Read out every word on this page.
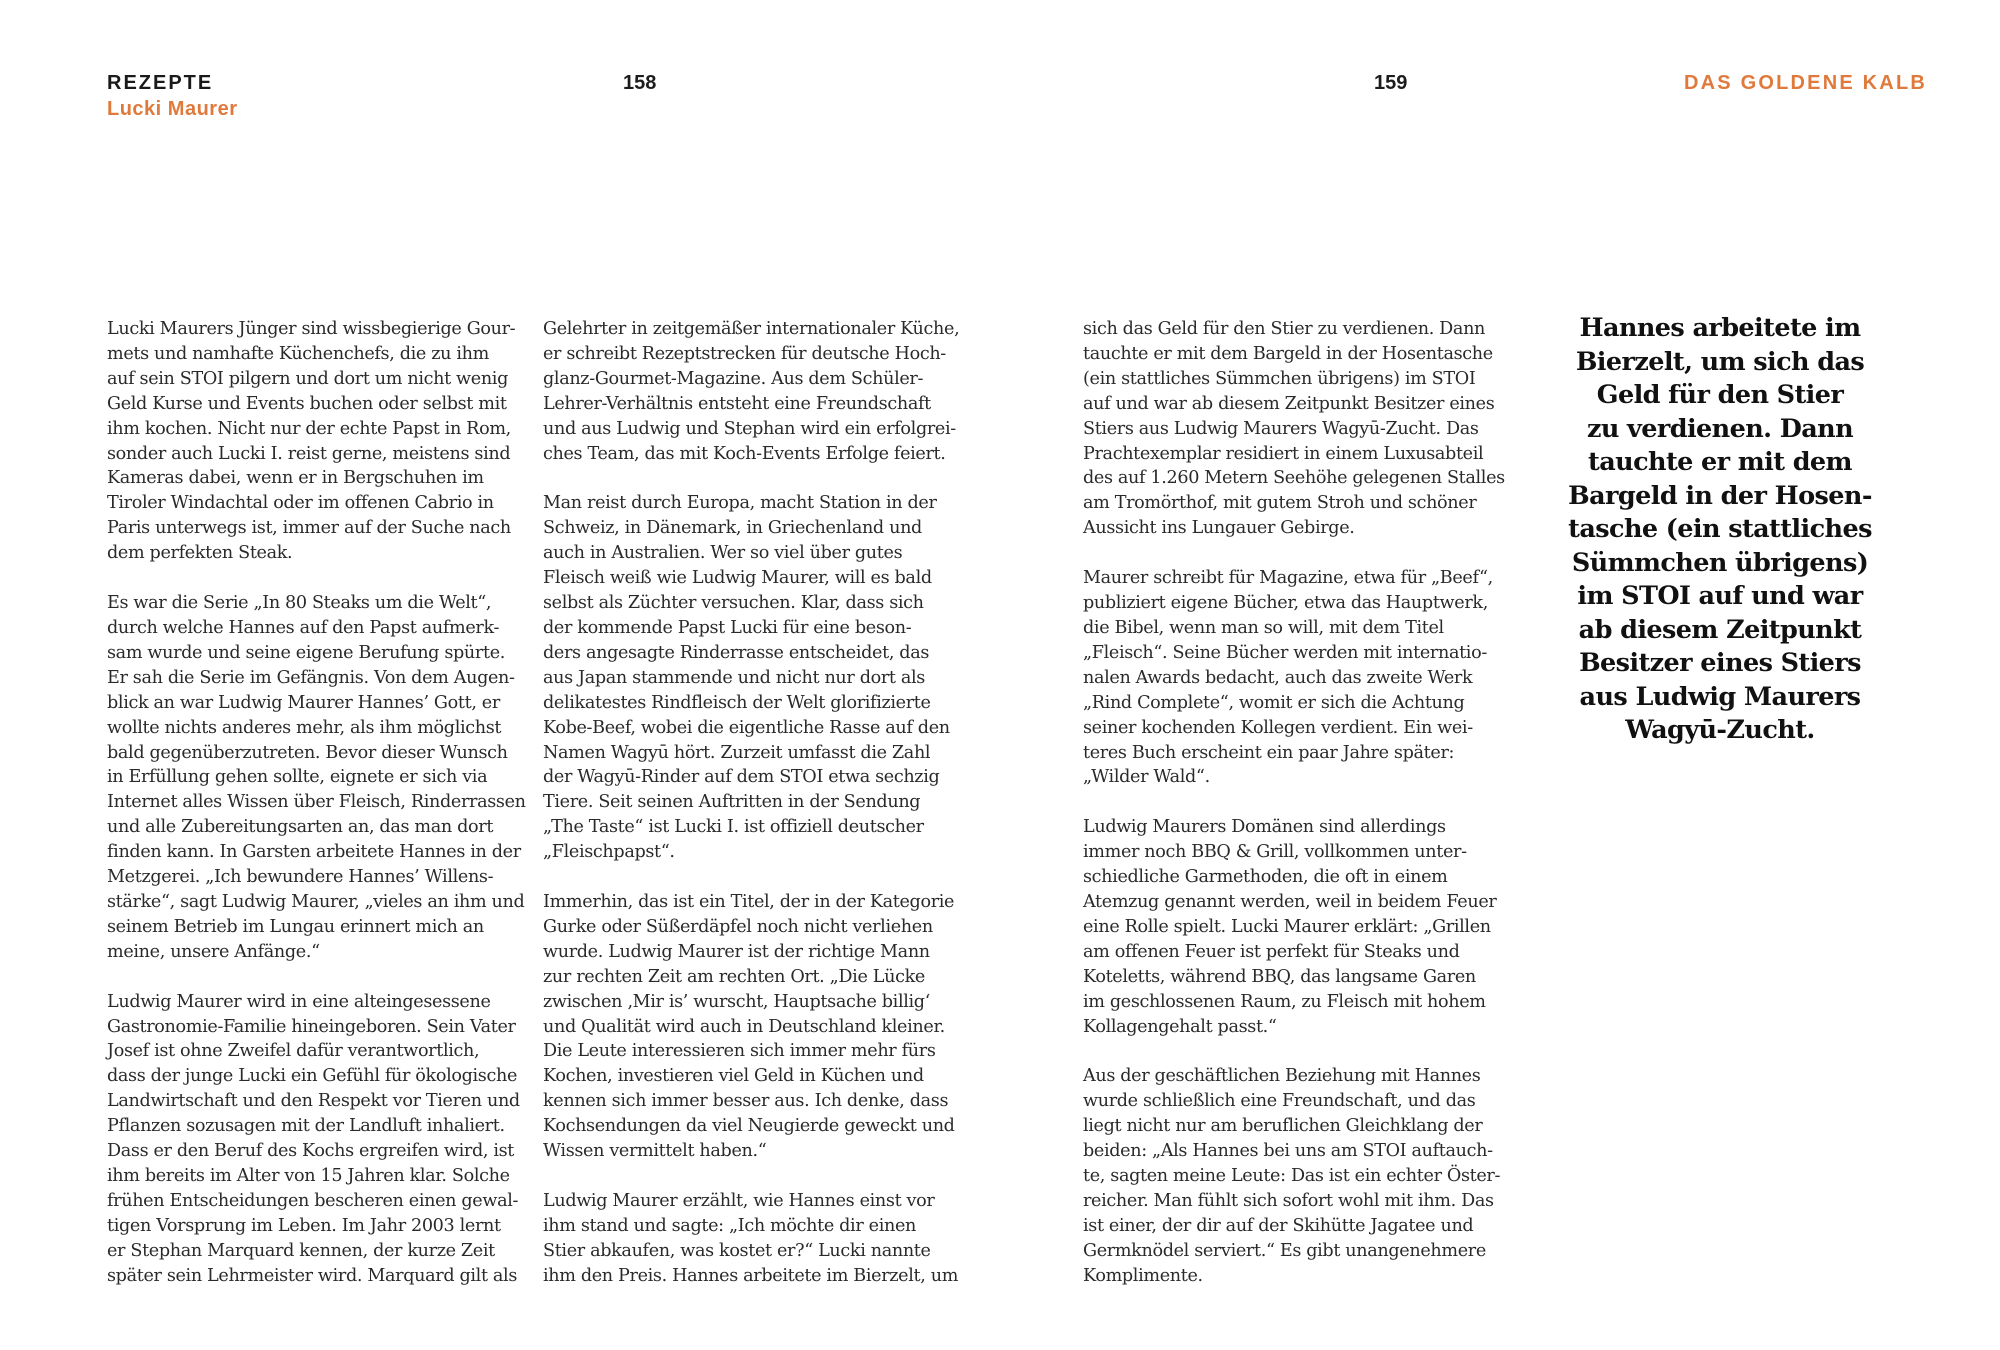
REZEPTE
Lucki Maurer
158	159	DAS GOLDENE KALB

Lucki Maurers Jünger sind wissbegierige Gour-
mets und namhafte Küchenchefs, die zu ihm
auf sein STOI pilgern und dort um nicht wenig
Geld Kurse und Events buchen oder selbst mit
ihm kochen. Nicht nur der echte Papst in Rom,
sonder auch Lucki I. reist gerne, meistens sind
Kameras dabei, wenn er in Bergschuhen im
Tiroler Windachtal oder im offenen Cabrio in
Paris unterwegs ist, immer auf der Suche nach
dem perfekten Steak.

Es war die Serie „In 80 Steaks um die Welt“,
durch welche Hannes auf den Papst aufmerk-
sam wurde und seine eigene Berufung spürte.
Er sah die Serie im Gefängnis. Von dem Augen-
blick an war Ludwig Maurer Hannes’ Gott, er
wollte nichts anderes mehr, als ihm möglichst
bald gegenüberzutreten. Bevor dieser Wunsch
in Erfüllung gehen sollte, eignete er sich via
Internet alles Wissen über Fleisch, Rinderrassen
und alle Zubereitungsarten an, das man dort
finden kann. In Garsten arbeitete Hannes in der
Metzgerei. „Ich bewundere Hannes’ Willens-
stärke“, sagt Ludwig Maurer, „vieles an ihm und
seinem Betrieb im Lungau erinnert mich an
meine, unsere Anfänge.“

Ludwig Maurer wird in eine alteingesessene
Gastronomie-Familie hineingeboren. Sein Vater
Josef ist ohne Zweifel dafür verantwortlich,
dass der junge Lucki ein Gefühl für ökologische
Landwirtschaft und den Respekt vor Tieren und
Pflanzen sozusagen mit der Landluft inhaliert.
Dass er den Beruf des Kochs ergreifen wird, ist
ihm bereits im Alter von 15 Jahren klar. Solche
frühen Entscheidungen bescheren einen gewal-
tigen Vorsprung im Leben. Im Jahr 2003 lernt
er Stephan Marquard kennen, der kurze Zeit
später sein Lehrmeister wird. Marquard gilt als

Gelehrter in zeitgemäßer internationaler Küche,
er schreibt Rezeptstrecken für deutsche Hoch-
glanz-Gourmet-Magazine. Aus dem Schüler-
Lehrer-Verhältnis entsteht eine Freundschaft
und aus Ludwig und Stephan wird ein erfolgrei-
ches Team, das mit Koch-Events Erfolge feiert.

Man reist durch Europa, macht Station in der
Schweiz, in Dänemark, in Griechenland und
auch in Australien. Wer so viel über gutes
Fleisch weiß wie Ludwig Maurer, will es bald
selbst als Züchter versuchen. Klar, dass sich
der kommende Papst Lucki für eine beson-
ders angesagte Rinderrasse entscheidet, das
aus Japan stammende und nicht nur dort als
delikatestes Rindfleisch der Welt glorifizierte
Kobe-Beef, wobei die eigentliche Rasse auf den
Namen Wagyū hört. Zurzeit umfasst die Zahl
der Wagyū-Rinder auf dem STOI etwa sechzig
Tiere. Seit seinen Auftritten in der Sendung
„The Taste“ ist Lucki I. ist offiziell deutscher
„Fleischpapst“.

Immerhin, das ist ein Titel, der in der Kategorie
Gurke oder Süßerdäpfel noch nicht verliehen
wurde. Ludwig Maurer ist der richtige Mann
zur rechten Zeit am rechten Ort. „Die Lücke
zwischen ‚Mir is’ wurscht, Hauptsache billig‘
und Qualität wird auch in Deutschland kleiner.
Die Leute interessieren sich immer mehr fürs
Kochen, investieren viel Geld in Küchen und
kennen sich immer besser aus. Ich denke, dass
Kochsendungen da viel Neugierde geweckt und
Wissen vermittelt haben.“

Ludwig Maurer erzählt, wie Hannes einst vor
ihm stand und sagte: „Ich möchte dir einen
Stier abkaufen, was kostet er?“ Lucki nannte
ihm den Preis. Hannes arbeitete im Bierzelt, um

sich das Geld für den Stier zu verdienen. Dann
tauchte er mit dem Bargeld in der Hosentasche
(ein stattliches Sümmchen übrigens) im STOI
auf und war ab diesem Zeitpunkt Besitzer eines
Stiers aus Ludwig Maurers Wagyū-Zucht. Das
Prachtexemplar residiert in einem Luxusabteil
des auf 1.260 Metern Seehöhe gelegenen Stalles
am Tromörthof, mit gutem Stroh und schöner
Aussicht ins Lungauer Gebirge.

Maurer schreibt für Magazine, etwa für „Beef“,
publiziert eigene Bücher, etwa das Hauptwerk,
die Bibel, wenn man so will, mit dem Titel
„Fleisch“. Seine Bücher werden mit internatio-
nalen Awards bedacht, auch das zweite Werk
„Rind Complete“, womit er sich die Achtung
seiner kochenden Kollegen verdient. Ein wei-
teres Buch erscheint ein paar Jahre später:
„Wilder Wald“.

Ludwig Maurers Domänen sind allerdings
immer noch BBQ & Grill, vollkommen unter-
schiedliche Garmethoden, die oft in einem
Atemzug genannt werden, weil in beidem Feuer
eine Rolle spielt. Lucki Maurer erklärt: „Grillen
am offenen Feuer ist perfekt für Steaks und
Koteletts, während BBQ, das langsame Garen
im geschlossenen Raum, zu Fleisch mit hohem
Kollagengehalt passt.“

Aus der geschäftlichen Beziehung mit Hannes
wurde schließlich eine Freundschaft, und das
liegt nicht nur am beruflichen Gleichklang der
beiden: „Als Hannes bei uns am STOI auftauch-
te, sagten meine Leute: Das ist ein echter Öster-
reicher. Man fühlt sich sofort wohl mit ihm. Das
ist einer, der dir auf der Skihütte Jagatee und
Germknödel serviert.“ Es gibt unangenehmere
Komplimente.

Hannes arbeitete im
Bierzelt, um sich das
Geld für den Stier
zu verdienen. Dann
tauchte er mit dem
Bargeld in der Hosen-
tasche (ein stattliches
Sümmchen übrigens)
im STOI auf und war
ab diesem Zeitpunkt
Besitzer eines Stiers
aus Ludwig Maurers
Wagyū-Zucht.
